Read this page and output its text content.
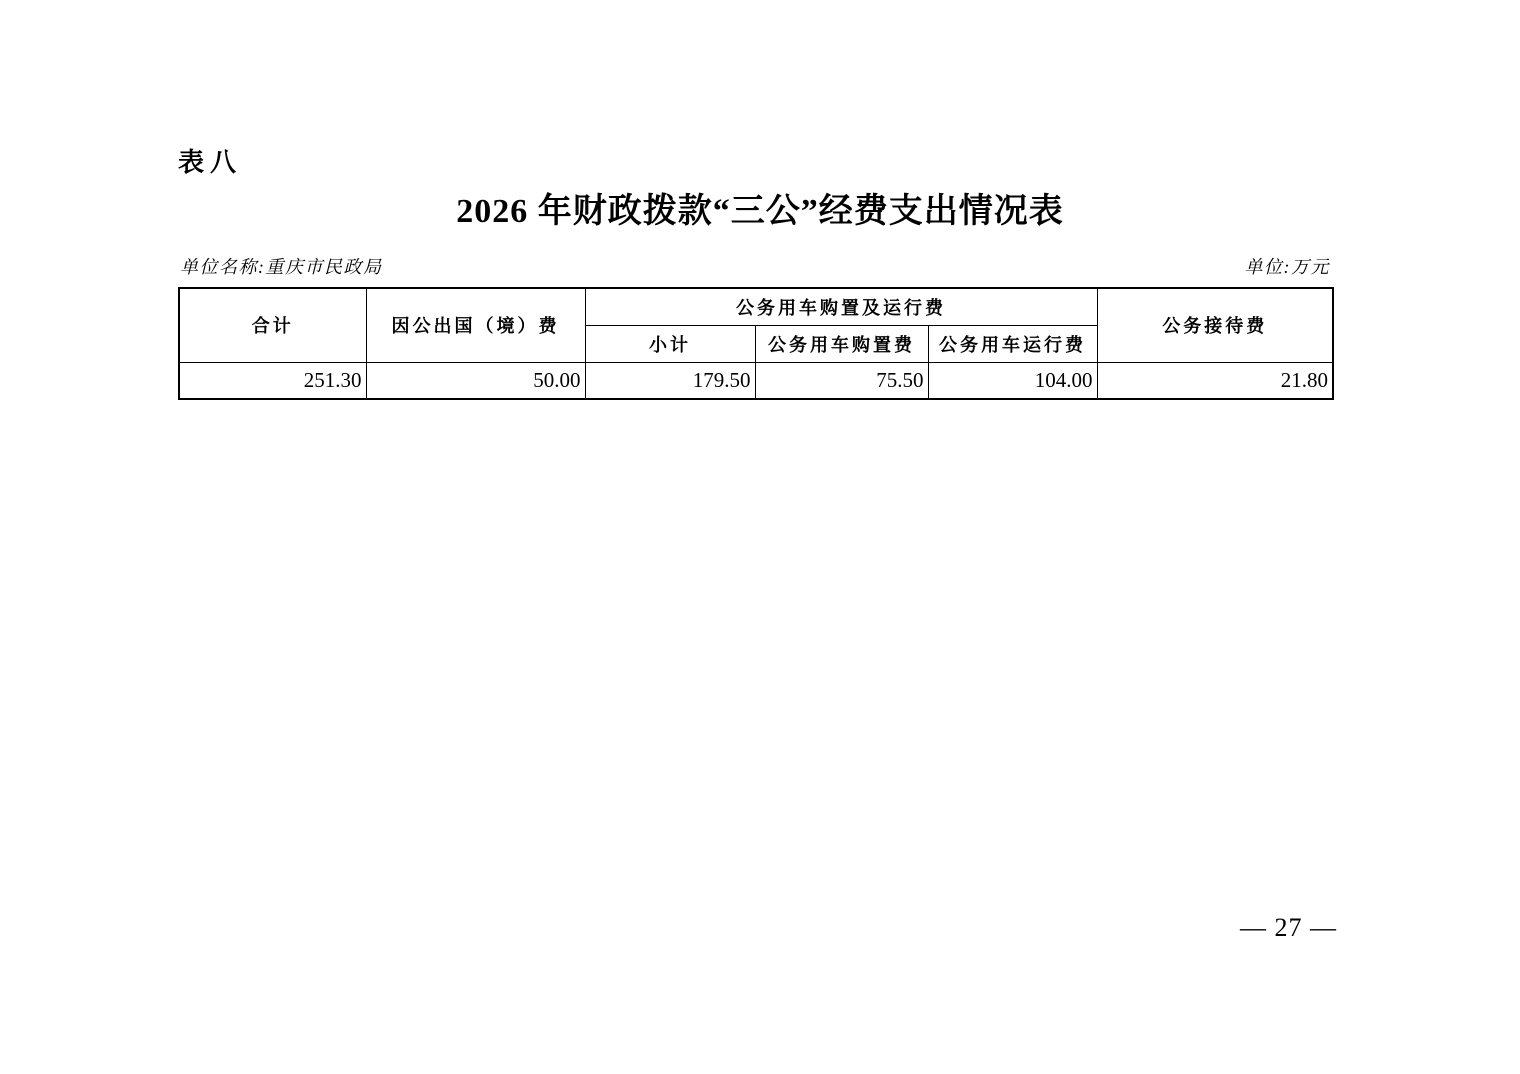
表八
2026 年财政拨款“三公”经费支出情况表
单位名称:重庆市民政局	单位:万元
合计	因公出国（境）费	公务用车购置及运行费			公务接待费
		小计	公务用车购置费	公务用车运行费	
251.30	50.00	179.50	75.50	104.00	21.80
— 27 —
